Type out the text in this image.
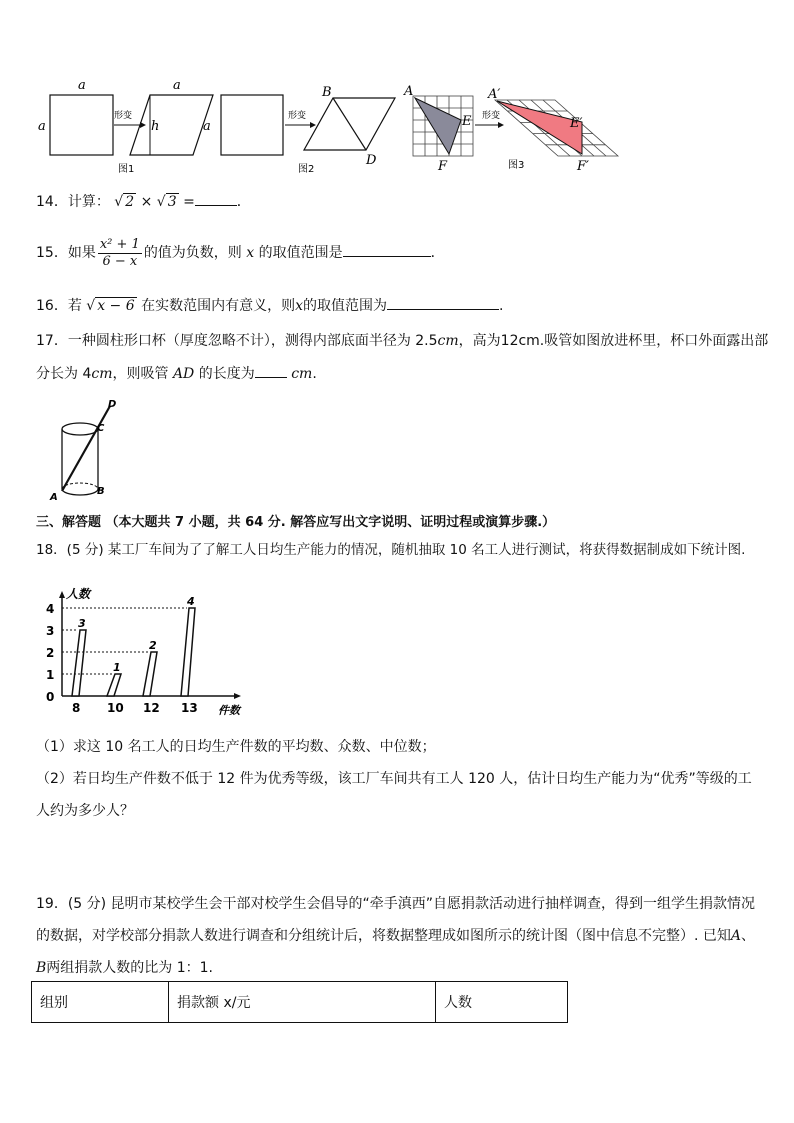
a
a
形变
a
h	a
图1
形变
B
D
图2
A
E
F
形变
A′
E′
F′
图3
14．计算： √ 2 × √ 3 =	．
15．如果 $\frac{\text{x² + 1}}{6 - x}$ 的值为负数，则 x 的取值范围是	．
16．若 √ x − 6 在实数范围内有意义，则x的取值范围为	.
17．一种圆柱形口杯（厚度忽略不计），测得内部底面半径为 2.5cm，高为12cm.吸管如图放进杯里，杯口外面露出部
分长为 4cm，则吸管 AD 的长度为	cm.
D
C
A
B
三、解答题 （本大题共 7 小题，共 64 分. 解答应写出文字说明、证明过程或演算步骤.）
18．(5 分) 某工厂车间为了了解工人日均生产能力的情况，随机抽取 10 名工人进行测试，将获得数据制成如下统计图.
人数
件数
0
1
2
3
4
3
8
1
10
2
12
4
13
（1）求这 10 名工人的日均生产件数的平均数、众数、中位数；
（2）若日均生产件数不低于 12 件为优秀等级，该工厂车间共有工人 120 人，估计日均生产能力为“优秀”等级的工
人约为多少人？
19．(5 分) 昆明市某校学生会干部对校学生会倡导的“牵手滇西”自愿捐款活动进行抽样调查，得到一组学生捐款情况
的数据，对学校部分捐款人数进行调查和分组统计后，将数据整理成如图所示的统计图（图中信息不完整）. 已知A、
B两组捐款人数的比为 1：1.
组别	捐款额 x/元	人数
